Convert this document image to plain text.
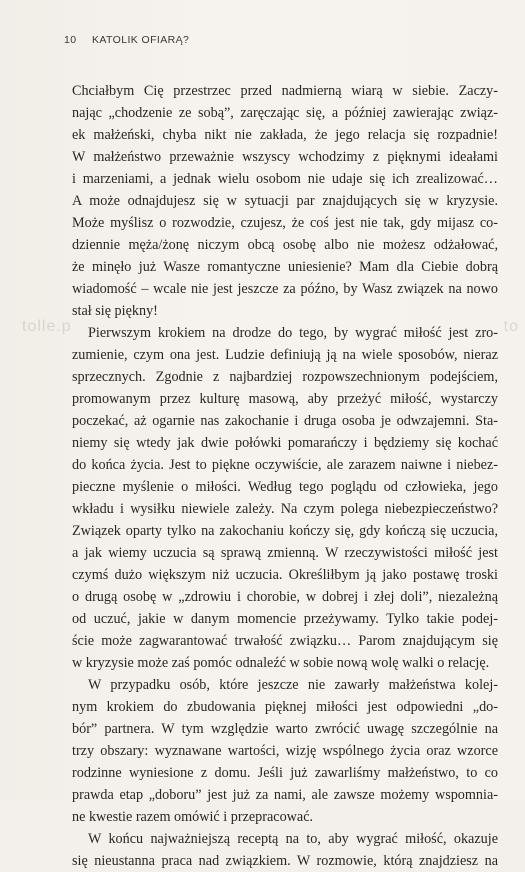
10 KATOLIK OFIARĄ?
tolle.p	to
Chciałbym Cię przestrzec przed nadmierną wiarą w siebie. Zaczy-
nając „chodzenie ze sobą”, zaręczając się, a później zawierając związ-
ek małżeński, chyba nikt nie zakłada, że jego relacja się rozpadnie!
W małżeństwo przeważnie wszyscy wchodzimy z pięknymi ideałami
i marzeniami, a jednak wielu osobom nie udaje się ich zrealizować…
A może odnajdujesz się w sytuacji par znajdujących się w kryzysie.
Może myślisz o rozwodzie, czujesz, że coś jest nie tak, gdy mijasz co-
dziennie męża/żonę niczym obcą osobę albo nie możesz odżałować,
że minęło już Wasze romantyczne uniesienie? Mam dla Ciebie dobrą
wiadomość – wcale nie jest jeszcze za późno, by Wasz związek na nowo
stał się piękny!
Pierwszym krokiem na drodze do tego, by wygrać miłość jest zro-
zumienie, czym ona jest. Ludzie definiują ją na wiele sposobów, nieraz
sprzecznych. Zgodnie z najbardziej rozpowszechnionym podejściem,
promowanym przez kulturę masową, aby przeżyć miłość, wystarczy
poczekać, aż ogarnie nas zakochanie i druga osoba je odwzajemni. Sta-
niemy się wtedy jak dwie połówki pomarańczy i będziemy się kochać
do końca życia. Jest to piękne oczywiście, ale zarazem naiwne i niebez-
pieczne myślenie o miłości. Według tego poglądu od człowieka, jego
wkładu i wysiłku niewiele zależy. Na czym polega niebezpieczeństwo?
Związek oparty tylko na zakochaniu kończy się, gdy kończą się uczucia,
a jak wiemy uczucia są sprawą zmienną. W rzeczywistości miłość jest
czymś dużo większym niż uczucia. Określiłbym ją jako postawę troski
o drugą osobę w „zdrowiu i chorobie, w dobrej i złej doli”, niezależną
od uczuć, jakie w danym momencie przeżywamy. Tylko takie podej-
ście może zagwarantować trwałość związku… Parom znajdującym się
w kryzysie może zaś pomóc odnaleźć w sobie nową wolę walki o relację.
W przypadku osób, które jeszcze nie zawarły małżeństwa kolej-
nym krokiem do zbudowania pięknej miłości jest odpowiedni „do-
bór” partnera. W tym względzie warto zwrócić uwagę szczególnie na
trzy obszary: wyznawane wartości, wizję wspólnego życia oraz wzorce
rodzinne wyniesione z domu. Jeśli już zawarliśmy małżeństwo, to co
prawda etap „doboru” jest już za nami, ale zawsze możemy wspomnia-
ne kwestie razem omówić i przepracować.
W końcu najważniejszą receptą na to, aby wygrać miłość, okazuje
się nieustanna praca nad związkiem. W rozmowie, którą znajdziesz na
